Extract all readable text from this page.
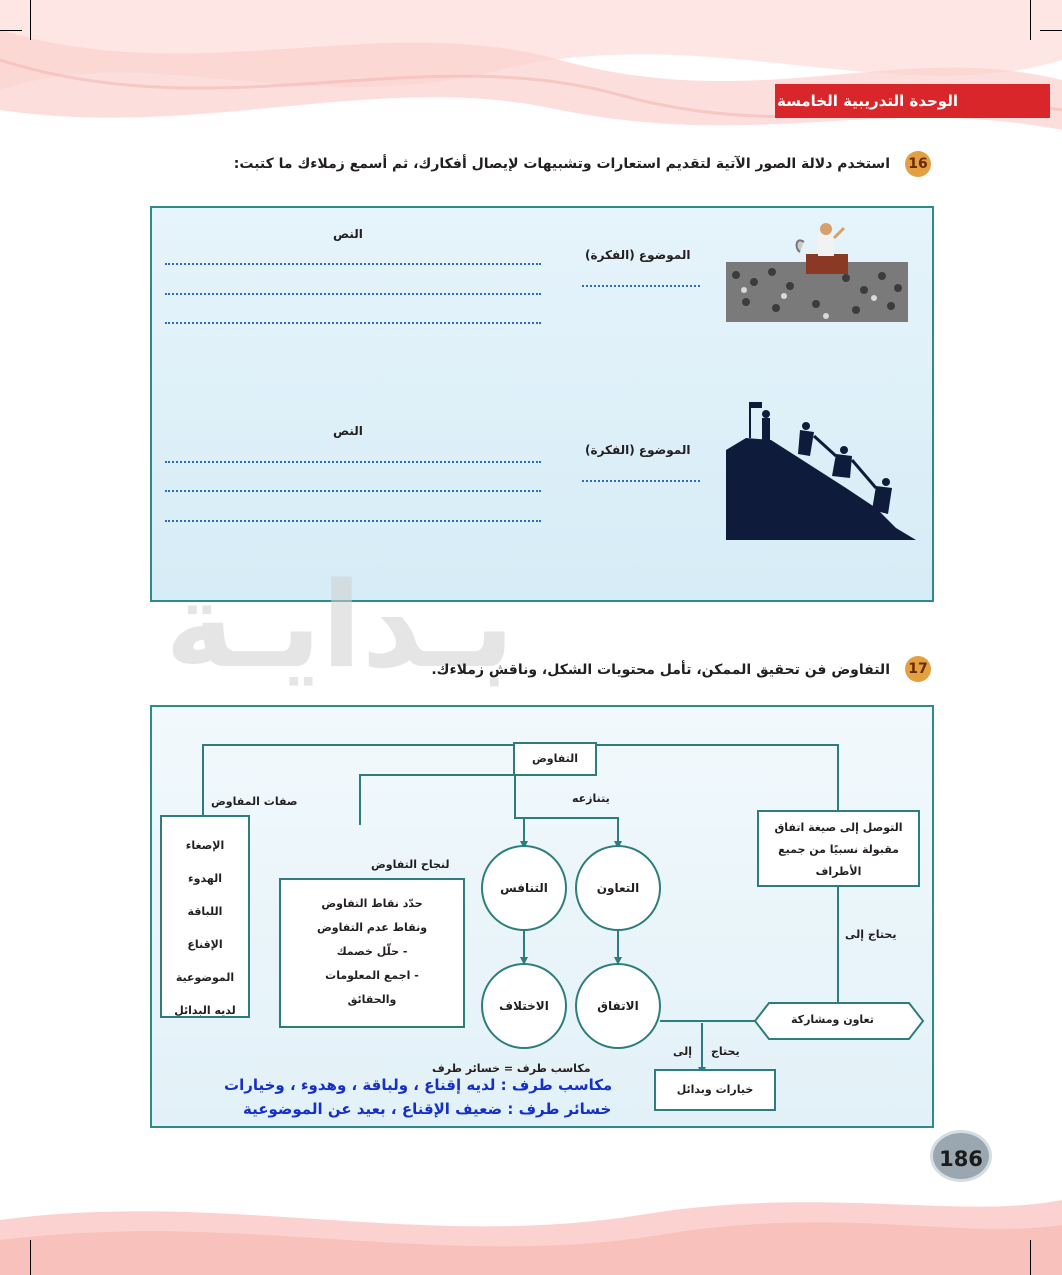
الوحدة التدريبية الخامسة
16
استخدم دلالة الصور الآتية لتقديم استعارات وتشبيهات لإيصال أفكارك، ثم أسمع زملاءك ما كتبت:
الموضوع (الفكرة)
النص
الموضوع (الفكرة)
النص
بـدايـة	17
التفاوض فن تحقيق الممكن، تأمل محتويات الشكل، وناقش زملاءك.
التفاوض
صفات المفاوض	يتنازعه
لنجاح التفاوض
الإصغاء
الهدوء
اللباقة
الإقناع
الموضوعية
لديه البدائل
حدّد نقاط التفاوض
ونقاط عدم التفاوض
- حلّل خصمك
- اجمع المعلومات
والحقائق
التعاون
التنافس
الاتفاق
الاختلاف
التوصل إلى صيغة اتفاق
مقبولة نسبيًا من جميع
الأطراف
يحتاج إلى
تعاون ومشاركة
يحتاج
إلى
خيارات وبدائل
مكاسب طرف = خسائر طرف
مكاسب طرف : لديه إقناع ، ولباقة ، وهدوء ، وخيارات
خسائر طرف : ضعيف الإقناع ، بعيد عن الموضوعية
186
